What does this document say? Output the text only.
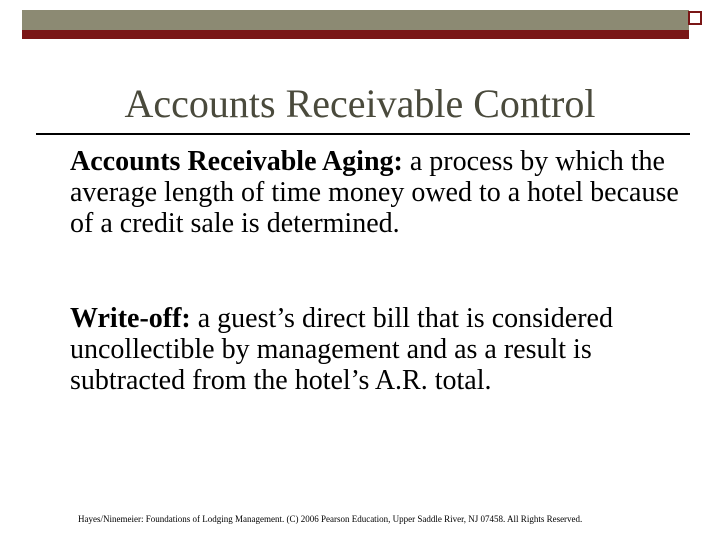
Accounts Receivable Control
Accounts Receivable Aging: a process by which the average length of time money owed to a hotel because of a credit sale is determined.
Write-off: a guest’s direct bill that is considered uncollectible by management and as a result is subtracted from the hotel’s A.R. total.
Hayes/Ninemeier: Foundations of Lodging Management. (C) 2006 Pearson Education, Upper Saddle River, NJ 07458. All Rights Reserved.
